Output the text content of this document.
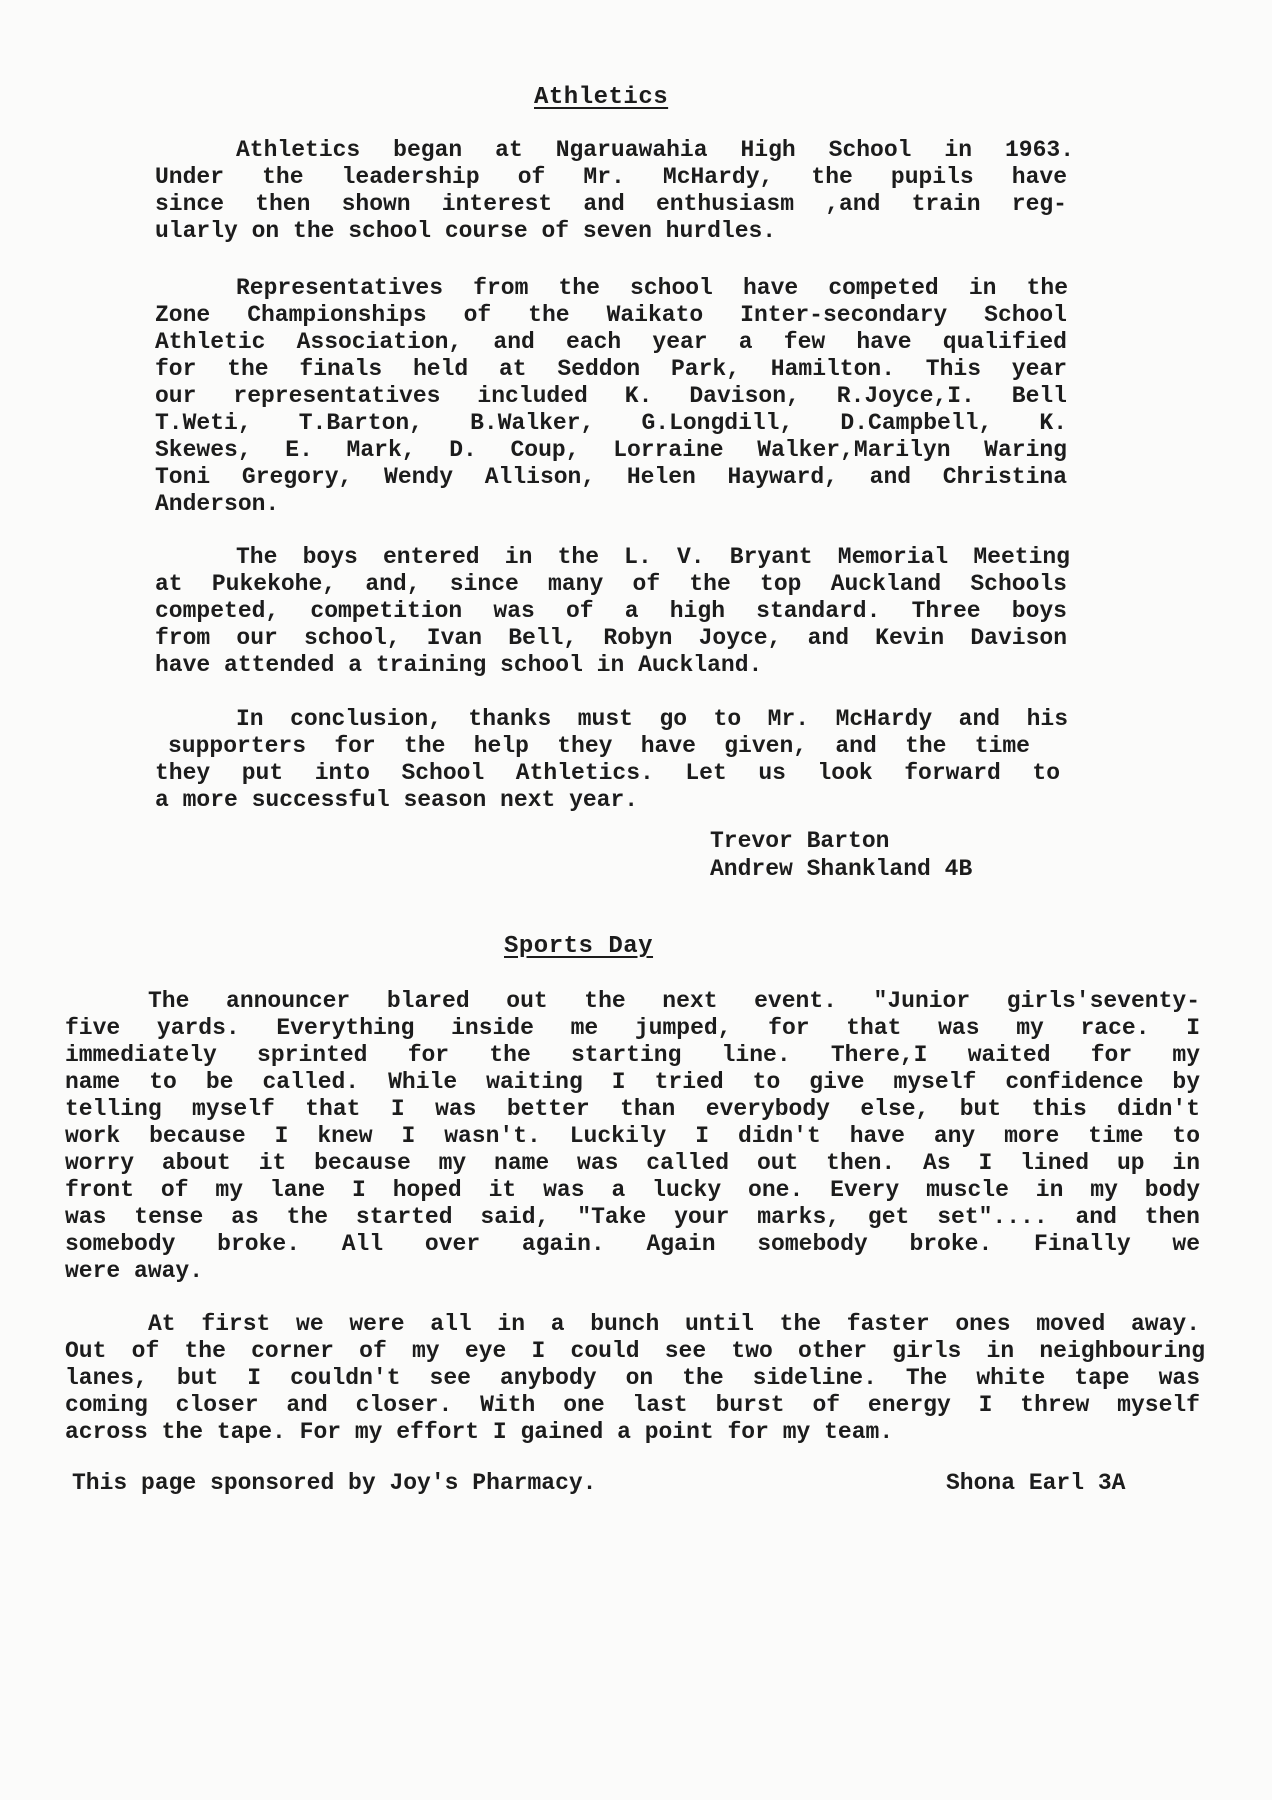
Athletics
Athletics began at Ngaruawahia High School in 1963.
Under the leadership of Mr. McHardy, the pupils have
since then shown interest and enthusiasm ,and train reg-
ularly on the school course of seven hurdles.
Representatives from the school have competed in the
Zone Championships of the Waikato Inter-secondary School
Athletic Association, and each year a few have qualified
for the finals held at Seddon Park, Hamilton. This year
our representatives included K. Davison, R.Joyce,I. Bell
T.Weti, T.Barton, B.Walker, G.Longdill, D.Campbell, K.
Skewes, E. Mark, D. Coup, Lorraine Walker,Marilyn Waring
Toni Gregory, Wendy Allison, Helen Hayward, and Christina
Anderson.
The boys entered in the L. V. Bryant Memorial Meeting
at Pukekohe, and, since many of the top Auckland Schools
competed, competition was of a high standard. Three boys
from our school, Ivan Bell, Robyn Joyce, and Kevin Davison
have attended a training school in Auckland.
In conclusion, thanks must go to Mr. McHardy and his
supporters for the help they have given, and the time
they put into School Athletics. Let us look forward to
a more successful season next year.
Trevor Barton
Andrew Shankland 4B
Sports Day
The announcer blared out the next event. "Junior girls'seventy-
five yards. Everything inside me jumped, for that was my race. I
immediately sprinted for the starting line. There,I waited for my
name to be called. While waiting I tried to give myself confidence by
telling myself that I was better than everybody else, but this didn't
work because I knew I wasn't. Luckily I didn't have any more time to
worry about it because my name was called out then. As I lined up in
front of my lane I hoped it was a lucky one. Every muscle in my body
was tense as the started said, "Take your marks, get set".... and then
somebody broke. All over again. Again somebody broke. Finally we
were away.
At first we were all in a bunch until the faster ones moved away.
Out of the corner of my eye I could see two other girls in neighbouring
lanes, but I couldn't see anybody on the sideline. The white tape was
coming closer and closer. With one last burst of energy I threw myself
across the tape. For my effort I gained a point for my team.
This page sponsored by Joy's Pharmacy.	Shona Earl 3A
